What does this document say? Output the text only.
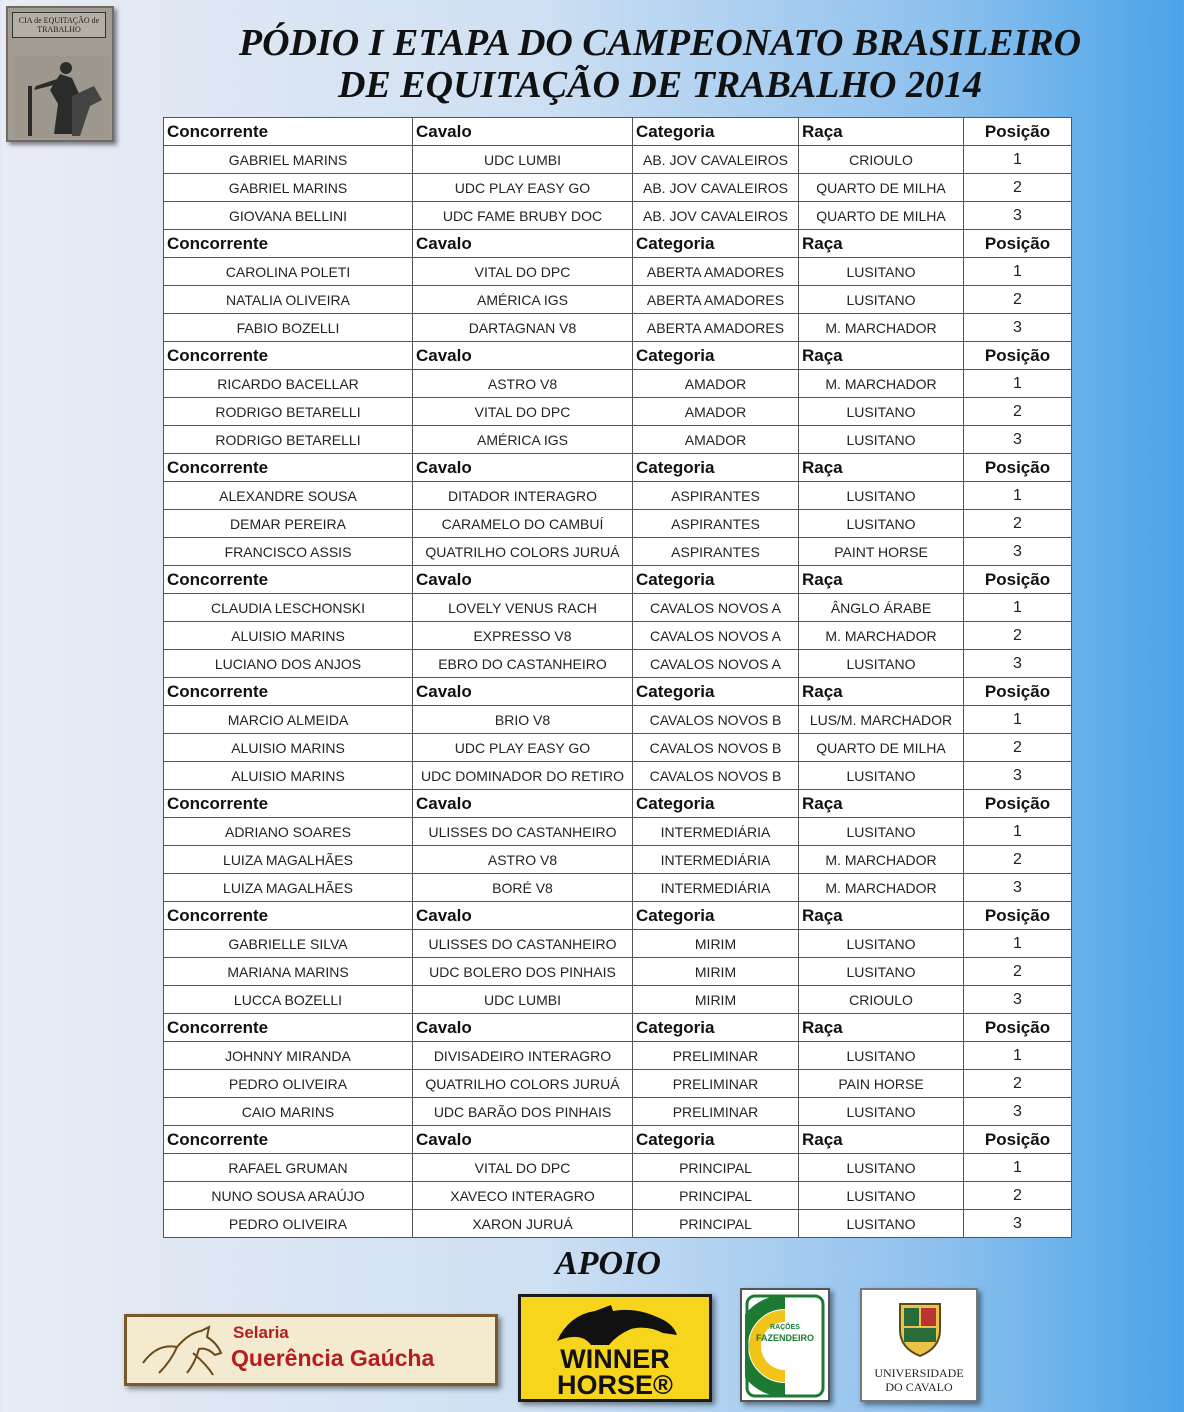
CIA de EQUITAÇÃO de TRABALHO	PÓDIO I ETAPA DO CAMPEONATO BRASILEIRO
DE EQUITAÇÃO DE TRABALHO 2014
Concorrente	Cavalo	Categoria	Raça	Posição
GABRIEL MARINS	UDC LUMBI	AB. JOV CAVALEIROS	CRIOULO	1
GABRIEL MARINS	UDC PLAY EASY GO	AB. JOV CAVALEIROS	QUARTO DE MILHA	2
GIOVANA BELLINI	UDC FAME BRUBY DOC	AB. JOV CAVALEIROS	QUARTO DE MILHA	3
Concorrente	Cavalo	Categoria	Raça	Posição
CAROLINA POLETI	VITAL DO DPC	ABERTA AMADORES	LUSITANO	1
NATALIA OLIVEIRA	AMÉRICA IGS	ABERTA AMADORES	LUSITANO	2
FABIO BOZELLI	DARTAGNAN V8	ABERTA AMADORES	M. MARCHADOR	3
Concorrente	Cavalo	Categoria	Raça	Posição
RICARDO BACELLAR	ASTRO V8	AMADOR	M. MARCHADOR	1
RODRIGO BETARELLI	VITAL DO DPC	AMADOR	LUSITANO	2
RODRIGO BETARELLI	AMÉRICA IGS	AMADOR	LUSITANO	3
Concorrente	Cavalo	Categoria	Raça	Posição
ALEXANDRE SOUSA	DITADOR INTERAGRO	ASPIRANTES	LUSITANO	1
DEMAR PEREIRA	CARAMELO DO CAMBUÍ	ASPIRANTES	LUSITANO	2
FRANCISCO ASSIS	QUATRILHO COLORS JURUÁ	ASPIRANTES	PAINT HORSE	3
Concorrente	Cavalo	Categoria	Raça	Posição
CLAUDIA LESCHONSKI	LOVELY VENUS RACH	CAVALOS NOVOS A	ÂNGLO ÁRABE	1
ALUISIO MARINS	EXPRESSO V8	CAVALOS NOVOS A	M. MARCHADOR	2
LUCIANO DOS ANJOS	EBRO DO CASTANHEIRO	CAVALOS NOVOS A	LUSITANO	3
Concorrente	Cavalo	Categoria	Raça	Posição
MARCIO ALMEIDA	BRIO V8	CAVALOS NOVOS B	LUS/M. MARCHADOR	1
ALUISIO MARINS	UDC PLAY EASY GO	CAVALOS NOVOS B	QUARTO DE MILHA	2
ALUISIO MARINS	UDC DOMINADOR DO RETIRO	CAVALOS NOVOS B	LUSITANO	3
Concorrente	Cavalo	Categoria	Raça	Posição
ADRIANO SOARES	ULISSES DO CASTANHEIRO	INTERMEDIÁRIA	LUSITANO	1
LUIZA MAGALHÃES	ASTRO V8	INTERMEDIÁRIA	M. MARCHADOR	2
LUIZA MAGALHÃES	BORÉ V8	INTERMEDIÁRIA	M. MARCHADOR	3
Concorrente	Cavalo	Categoria	Raça	Posição
GABRIELLE SILVA	ULISSES DO CASTANHEIRO	MIRIM	LUSITANO	1
MARIANA MARINS	UDC BOLERO DOS PINHAIS	MIRIM	LUSITANO	2
LUCCA BOZELLI	UDC LUMBI	MIRIM	CRIOULO	3
Concorrente	Cavalo	Categoria	Raça	Posição
JOHNNY MIRANDA	DIVISADEIRO INTERAGRO	PRELIMINAR	LUSITANO	1
PEDRO OLIVEIRA	QUATRILHO COLORS JURUÁ	PRELIMINAR	PAIN HORSE	2
CAIO MARINS	UDC BARÃO DOS PINHAIS	PRELIMINAR	LUSITANO	3
Concorrente	Cavalo	Categoria	Raça	Posição
RAFAEL GRUMAN	VITAL DO DPC	PRINCIPAL	LUSITANO	1
NUNO SOUSA ARAÚJO	XAVECO INTERAGRO	PRINCIPAL	LUSITANO	2
PEDRO OLIVEIRA	XARON JURUÁ	PRINCIPAL	LUSITANO	3
APOIO
Selaria
Querência Gaúcha	WINNER
HORSE®
RAÇÕES
FAZENDEIRO
UNIVERSIDADE
DO CAVALO
